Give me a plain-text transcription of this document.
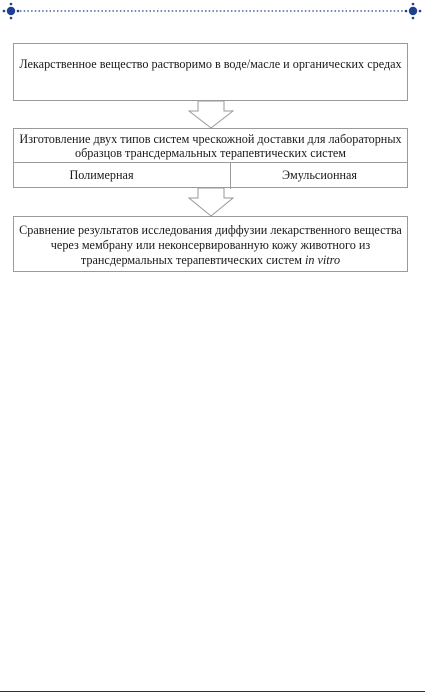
Лекарственное вещество растворимо в воде/масле и органических средах
Изготовление двух типов систем чрескожной доставки для лабораторных образцов трансдермальных терапевтических систем
Полимерная	Эмульсионная
Сравнение результатов исследования диффузии лекарственного вещества через мембрану или неконсервированную кожу животного из трансдермальных терапевтических систем in vitro
